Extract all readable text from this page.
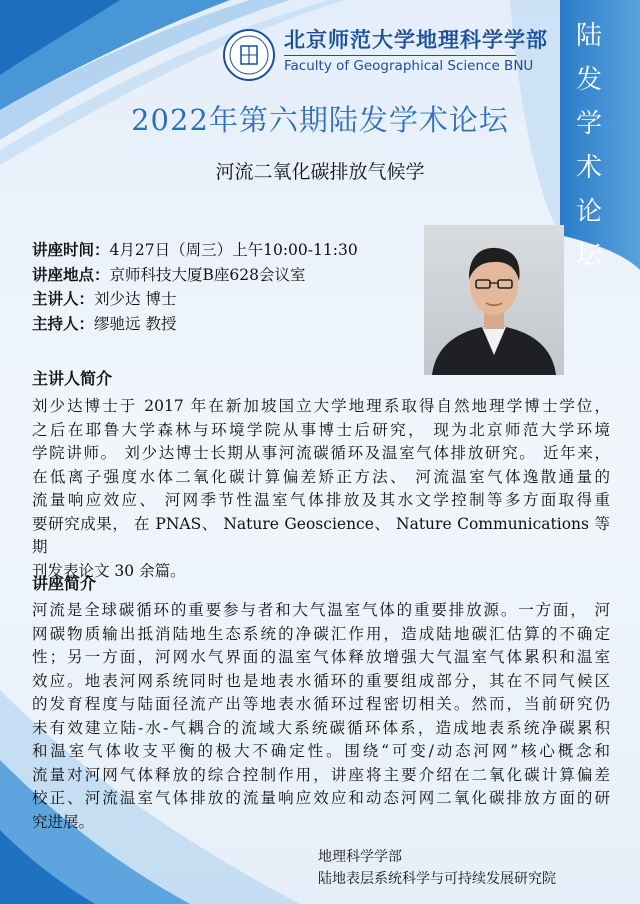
北京师范大学地理科学学部
Faculty of Geographical Science BNU
陆
发
学
术
论
坛
2022年第六期陆发学术论坛
河流二氧化碳排放气候学
讲座时间：4月27日（周三）上午10:00-11:30
讲座地点：京师科技大厦B座628会议室
主讲人：刘少达 博士
主持人：缪驰远 教授
主讲人简介
刘少达博士于 2017 年在新加坡国立大学地理系取得自然地理学博士学位，
之后在耶鲁大学森林与环境学院从事博士后研究， 现为北京师范大学环境
学院讲师。 刘少达博士长期从事河流碳循环及温室气体排放研究。 近年来，
在低离子强度水体二氧化碳计算偏差矫正方法、 河流温室气体逸散通量的
流量响应效应、 河网季节性温室气体排放及其水文学控制等多方面取得重
要研究成果， 在 PNAS、 Nature Geoscience、 Nature Communications 等期
刊发表论文 30 余篇。
讲座简介
河流是全球碳循环的重要参与者和大气温室气体的重要排放源。一方面， 河
网碳物质输出抵消陆地生态系统的净碳汇作用，造成陆地碳汇估算的不确定
性；另一方面，河网水气界面的温室气体释放增强大气温室气体累积和温室
效应。地表河网系统同时也是地表水循环的重要组成部分，其在不同气候区
的发育程度与陆面径流产出等地表水循环过程密切相关。然而，当前研究仍
未有效建立陆-水-气耦合的流域大系统碳循环体系，造成地表系统净碳累积
和温室气体收支平衡的极大不确定性。围绕“可变/动态河网”核心概念和
流量对河网气体释放的综合控制作用，讲座将主要介绍在二氧化碳计算偏差
校正、河流温室气体排放的流量响应效应和动态河网二氧化碳排放方面的研
究进展。
地理科学学部
陆地表层系统科学与可持续发展研究院
